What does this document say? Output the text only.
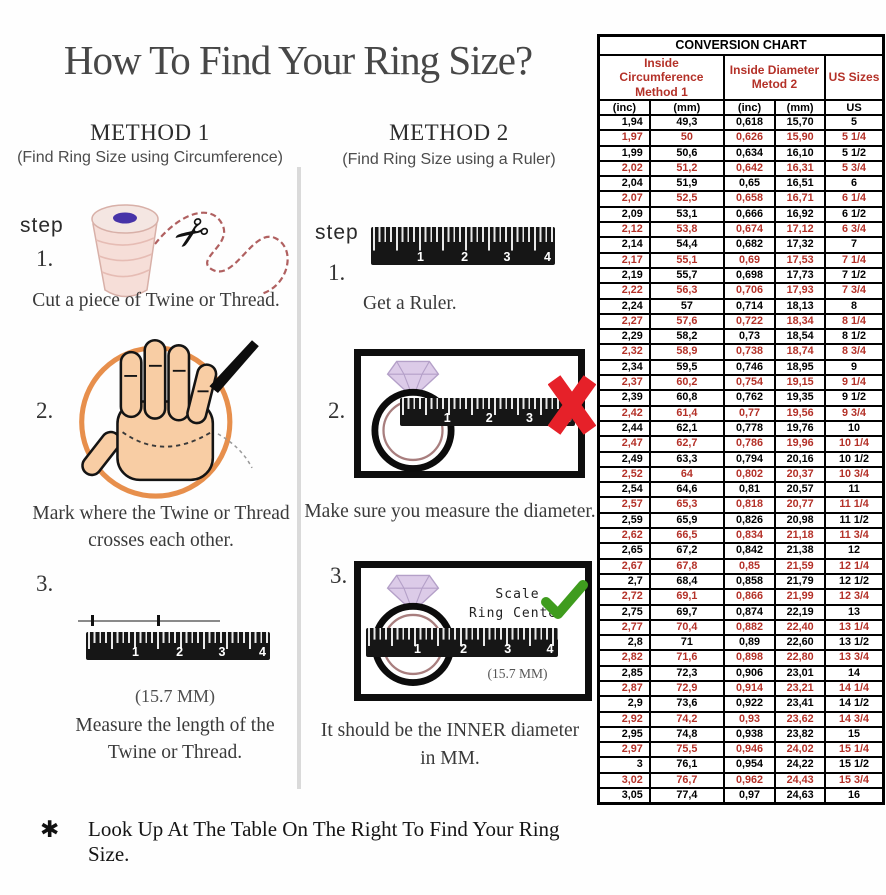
How To Find Your Ring Size?
METHOD 1
(Find Ring Size using Circumference)
step ✂
1.
Cut a piece of Twine or Thread.
2.
Mark where the Twine or Thread
crosses each other.
3.
1	2	3	4
(15.7 MM)
Measure the length of the
Twine or Thread.
METHOD 2
(Find Ring Size using a Ruler)
step
1	2	3	4
1.
Get a Ruler.
2.	1	2	3
Make sure you measure the diameter.
3.
Scale
Ring Center
1	2	3	4
(15.7 MM)
It should be the INNER diameter
in MM.
✱ Look Up At The Table On The Right To Find Your Ring Size.
CONVERSION CHART				

Inside Circumference
Method 1

Inside Diameter
Metod 2
	US Sizes
(inc)	(mm)	(inc)	(mm)	US
1,94	49,3	0,618	15,70	5
1,97	50	0,626	15,90	5 1/4
1,99	50,6	0,634	16,10	5 1/2
2,02	51,2	0,642	16,31	5 3/4
2,04	51,9	0,65	16,51	6
2,07	52,5	0,658	16,71	6 1/4
2,09	53,1	0,666	16,92	6 1/2
2,12	53,8	0,674	17,12	6 3/4
2,14	54,4	0,682	17,32	7
2,17	55,1	0,69	17,53	7 1/4
2,19	55,7	0,698	17,73	7 1/2
2,22	56,3	0,706	17,93	7 3/4
2,24	57	0,714	18,13	8
2,27	57,6	0,722	18,34	8 1/4
2,29	58,2	0,73	18,54	8 1/2
2,32	58,9	0,738	18,74	8 3/4
2,34	59,5	0,746	18,95	9
2,37	60,2	0,754	19,15	9 1/4
2,39	60,8	0,762	19,35	9 1/2
2,42	61,4	0,77	19,56	9 3/4
2,44	62,1	0,778	19,76	10
2,47	62,7	0,786	19,96	10 1/4
2,49	63,3	0,794	20,16	10 1/2
2,52	64	0,802	20,37	10 3/4
2,54	64,6	0,81	20,57	11
2,57	65,3	0,818	20,77	11 1/4
2,59	65,9	0,826	20,98	11 1/2
2,62	66,5	0,834	21,18	11 3/4
2,65	67,2	0,842	21,38	12
2,67	67,8	0,85	21,59	12 1/4
2,7	68,4	0,858	21,79	12 1/2
2,72	69,1	0,866	21,99	12 3/4
2,75	69,7	0,874	22,19	13
2,77	70,4	0,882	22,40	13 1/4
2,8	71	0,89	22,60	13 1/2
2,82	71,6	0,898	22,80	13 3/4
2,85	72,3	0,906	23,01	14
2,87	72,9	0,914	23,21	14 1/4
2,9	73,6	0,922	23,41	14 1/2
2,92	74,2	0,93	23,62	14 3/4
2,95	74,8	0,938	23,82	15
2,97	75,5	0,946	24,02	15 1/4
3	76,1	0,954	24,22	15 1/2
3,02	76,7	0,962	24,43	15 3/4
3,05	77,4	0,97	24,63	16
